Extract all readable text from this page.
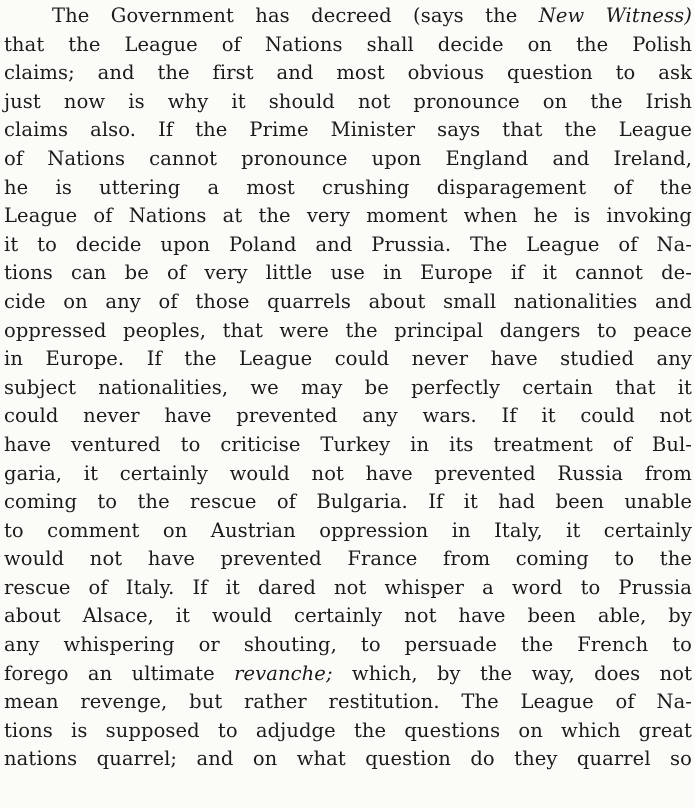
The Government has decreed (says the New Witness)
that the League of Nations shall decide on the Polish
claims; and the first and most obvious question to ask
just now is why it should not pronounce on the Irish
claims also. If the Prime Minister says that the League
of Nations cannot pronounce upon England and Ireland,
he is uttering a most crushing disparagement of the
League of Nations at the very moment when he is invoking
it to decide upon Poland and Prussia. The League of Na-
tions can be of very little use in Europe if it cannot de-
cide on any of those quarrels about small nationalities and
oppressed peoples, that were the principal dangers to peace
in Europe. If the League could never have studied any
subject nationalities, we may be perfectly certain that it
could never have prevented any wars. If it could not
have ventured to criticise Turkey in its treatment of Bul-
garia, it certainly would not have prevented Russia from
coming to the rescue of Bulgaria. If it had been unable
to comment on Austrian oppression in Italy, it certainly
would not have prevented France from coming to the
rescue of Italy. If it dared not whisper a word to Prussia
about Alsace, it would certainly not have been able, by
any whispering or shouting, to persuade the French to
forego an ultimate revanche; which, by the way, does not
mean revenge, but rather restitution. The League of Na-
tions is supposed to adjudge the questions on which great
nations quarrel; and on what question do they quarrel so
